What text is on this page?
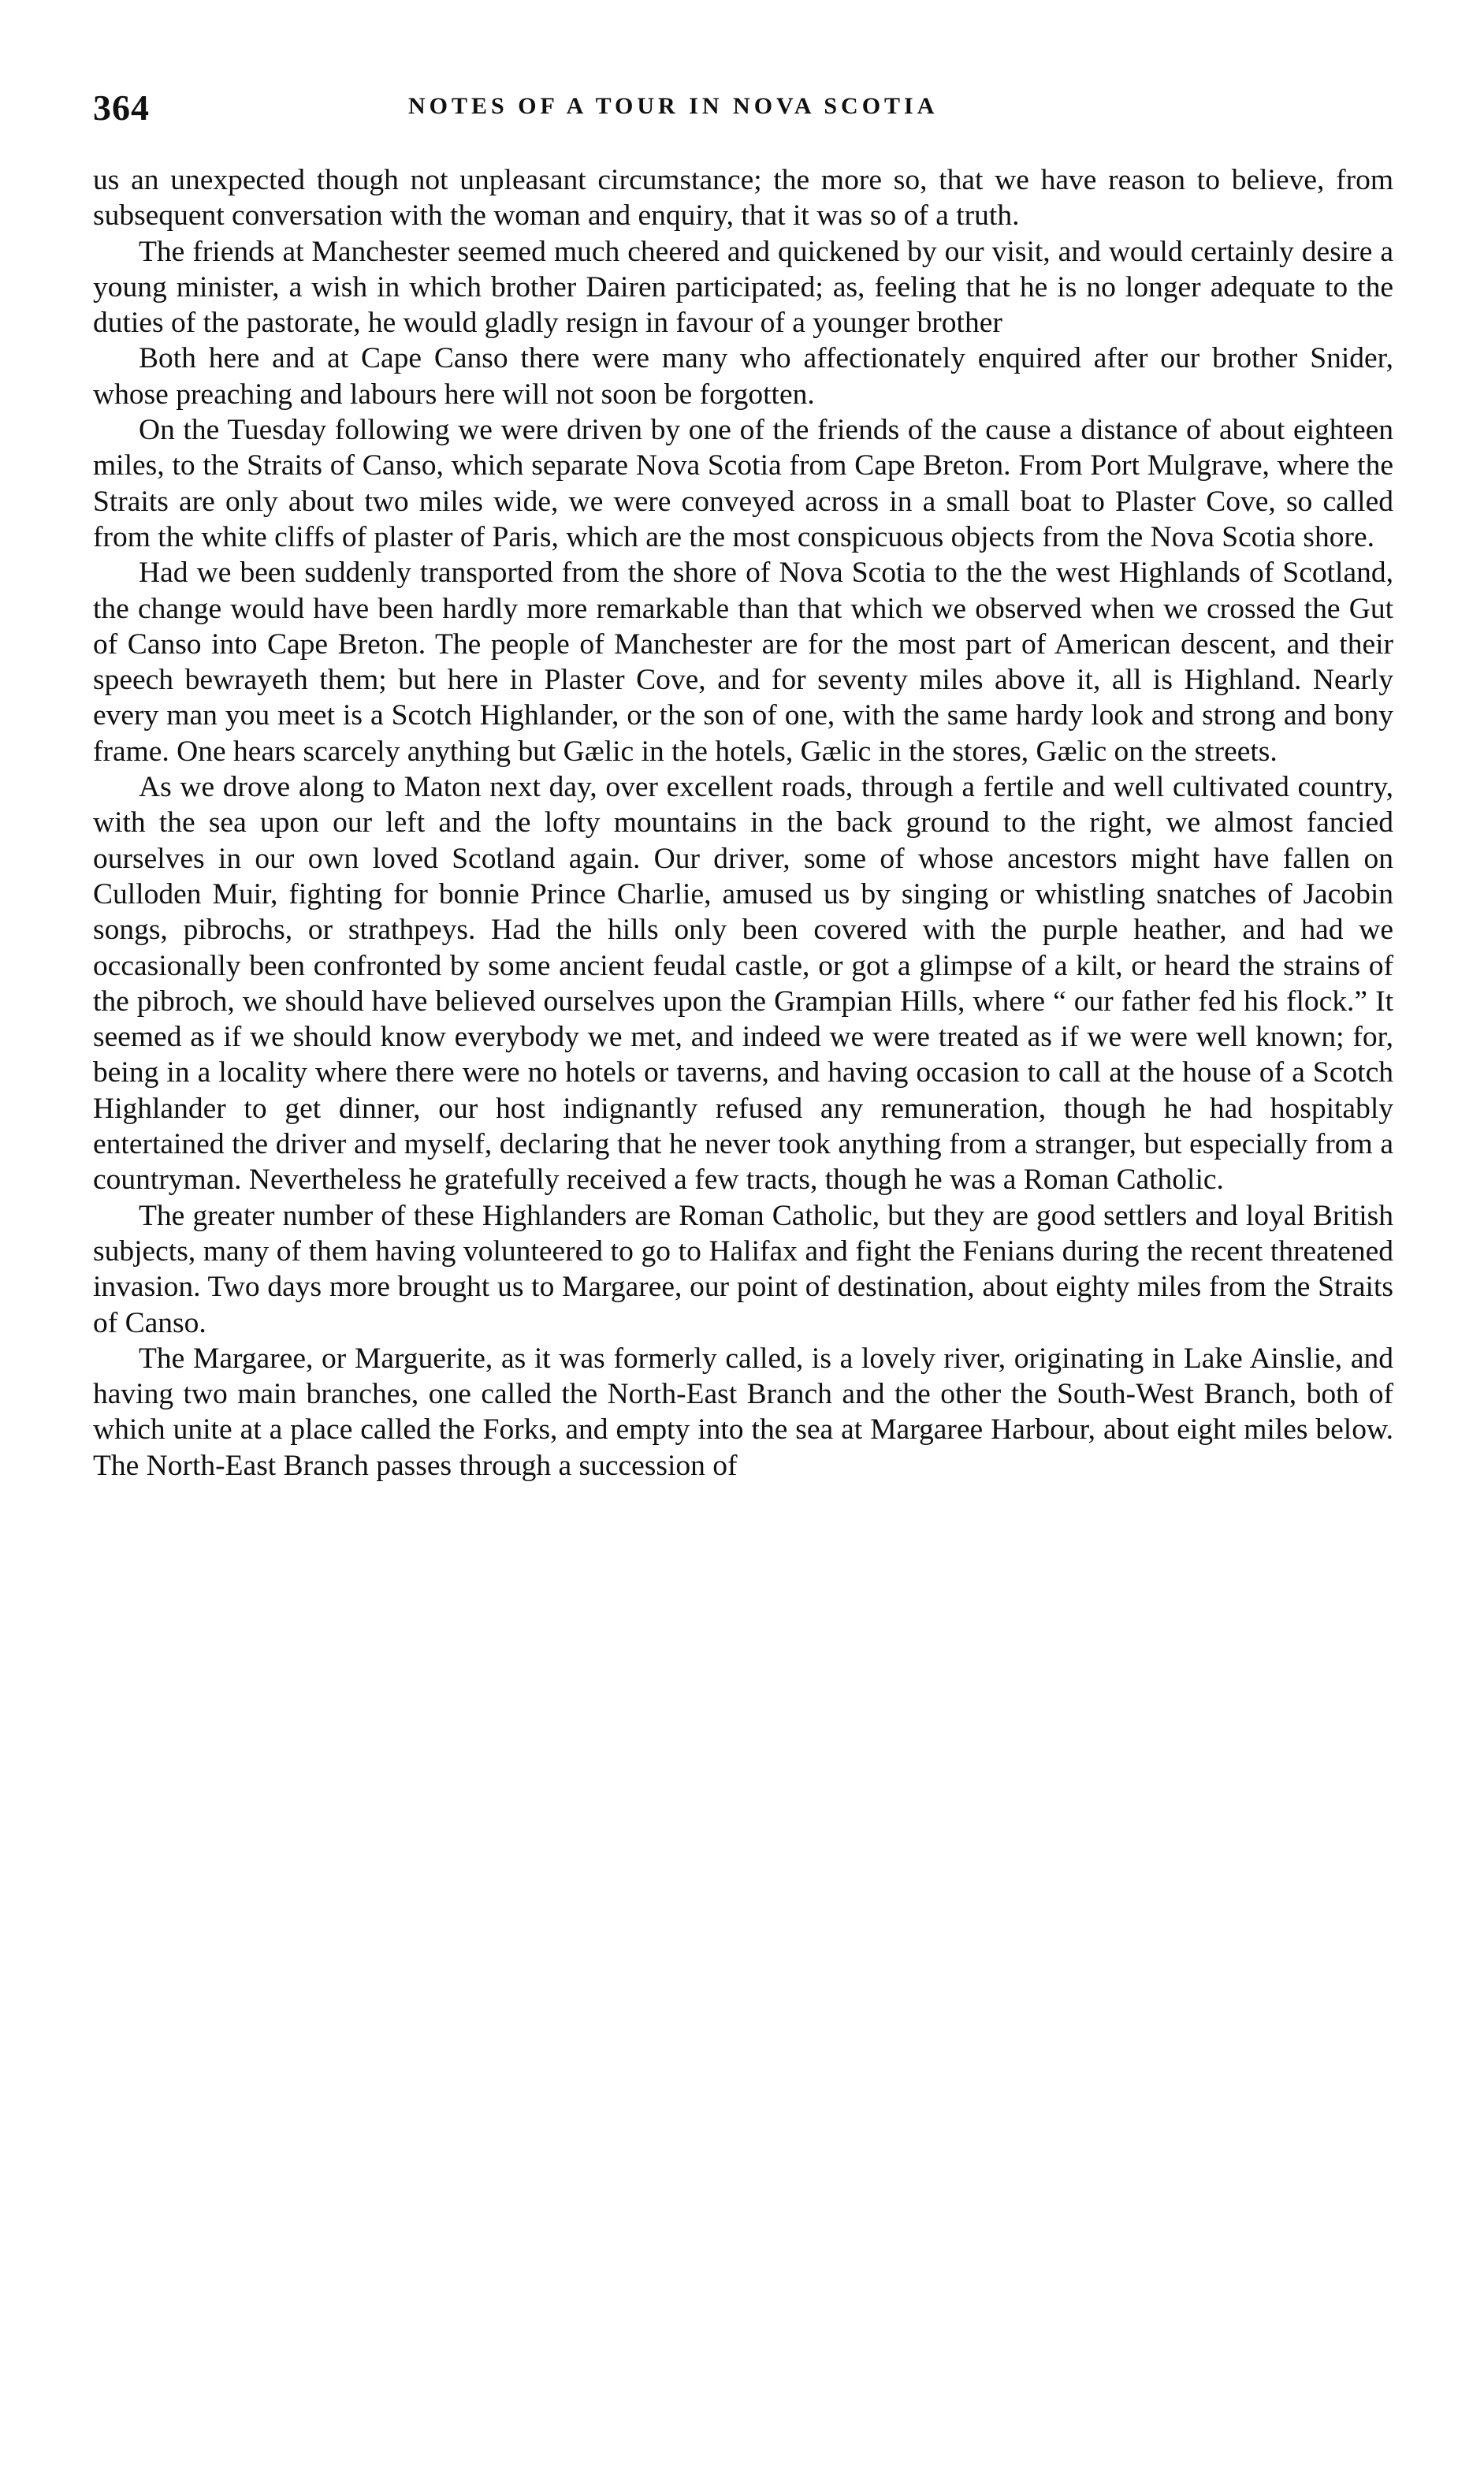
364	NOTES OF A TOUR IN NOVA SCOTIA

us an unexpected though not unpleasant circumstance; the more so, that we have reason to believe, from subsequent conversation with the woman and enquiry, that it was so of a truth.

The friends at Manchester seemed much cheered and quickened by our visit, and would certainly desire a young minister, a wish in which brother Dairen participated; as, feeling that he is no longer adequate to the duties of the pastorate, he would gladly resign in favour of a younger brother

Both here and at Cape Canso there were many who affectionately enquired after our brother Snider, whose preaching and labours here will not soon be forgotten.

On the Tuesday following we were driven by one of the friends of the cause a distance of about eighteen miles, to the Straits of Canso, which separate Nova Scotia from Cape Breton. From Port Mulgrave, where the Straits are only about two miles wide, we were conveyed across in a small boat to Plaster Cove, so called from the white cliffs of plaster of Paris, which are the most conspicuous objects from the Nova Scotia shore.

Had we been suddenly transported from the shore of Nova Scotia to the the west Highlands of Scotland, the change would have been hardly more remarkable than that which we observed when we crossed the Gut of Canso into Cape Breton. The people of Manchester are for the most part of American descent, and their speech bewrayeth them; but here in Plaster Cove, and for seventy miles above it, all is Highland. Nearly every man you meet is a Scotch Highlander, or the son of one, with the same hardy look and strong and bony frame. One hears scarcely anything but Gælic in the hotels, Gælic in the stores, Gælic on the streets.

As we drove along to Maton next day, over excellent roads, through a fertile and well cultivated country, with the sea upon our left and the lofty mountains in the back ground to the right, we almost fancied ourselves in our own loved Scotland again. Our driver, some of whose ancestors might have fallen on Culloden Muir, fighting for bonnie Prince Charlie, amused us by singing or whistling snatches of Jacobin songs, pibrochs, or strathpeys. Had the hills only been covered with the purple heather, and had we occasionally been confronted by some ancient feudal castle, or got a glimpse of a kilt, or heard the strains of the pibroch, we should have believed ourselves upon the Grampian Hills, where “ our father fed his flock.” It seemed as if we should know everybody we met, and indeed we were treated as if we were well known; for, being in a locality where there were no hotels or taverns, and having occasion to call at the house of a Scotch Highlander to get dinner, our host indignantly refused any remuneration, though he had hospitably entertained the driver and myself, declaring that he never took anything from a stranger, but especially from a countryman. Nevertheless he gratefully received a few tracts, though he was a Roman Catholic.

The greater number of these Highlanders are Roman Catholic, but they are good settlers and loyal British subjects, many of them having volunteered to go to Halifax and fight the Fenians during the recent threatened invasion. Two days more brought us to Margaree, our point of destination, about eighty miles from the Straits of Canso.

The Margaree, or Marguerite, as it was formerly called, is a lovely river, originating in Lake Ainslie, and having two main branches, one called the North-East Branch and the other the South-West Branch, both of which unite at a place called the Forks, and empty into the sea at Margaree Harbour, about eight miles below. The North-East Branch passes through a succession of
